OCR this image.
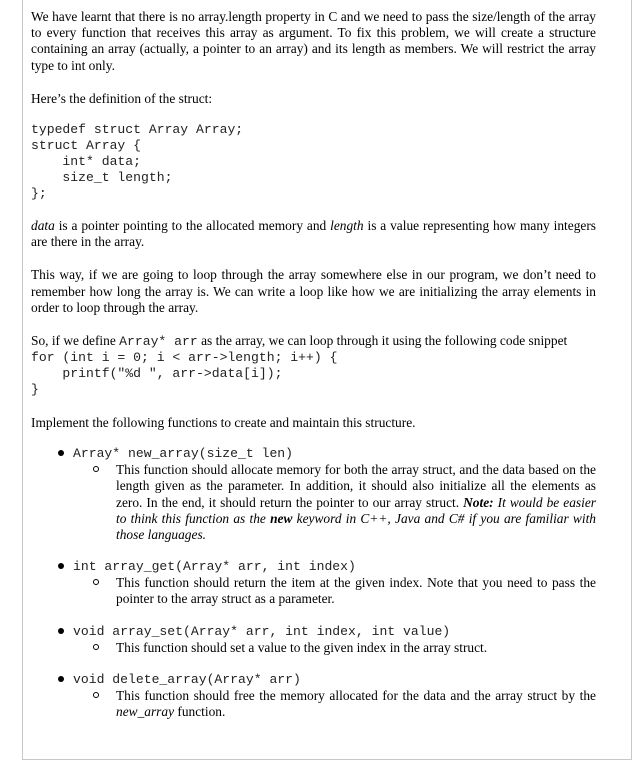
We have learnt that there is no array.length property in C and we need to pass the size/length of the array to every function that receives this array as argument. To fix this problem, we will create a structure containing an array (actually, a pointer to an array) and its length as members. We will restrict the array type to int only.

Here’s the definition of the struct:

typedef struct Array Array;
struct Array {
int* data;
size_t length;
};

data is a pointer pointing to the allocated memory and length is a value representing how many integers are there in the array.

This way, if we are going to loop through the array somewhere else in our program, we don’t need to remember how long the array is. We can write a loop like how we are initializing the array elements in order to loop through the array.

So, if we define Array* arr as the array, we can loop through it using the following code snippet

for (int i = 0; i < arr->length; i++) {
printf("%d ", arr->data[i]);
}

Implement the following functions to create and maintain this structure.

Array* new_array(size_t len)
This function should allocate memory for both the array struct, and the data based on the length given as the parameter. In addition, it should also initialize all the elements as zero. In the end, it should return the pointer to our array struct. Note: It would be easier to think this function as the new keyword in C++, Java and C# if you are familiar with those languages.
int array_get(Array* arr, int index)
This function should return the item at the given index. Note that you need to pass the pointer to the array struct as a parameter.
void array_set(Array* arr, int index, int value)
This function should set a value to the given index in the array struct.
void delete_array(Array* arr)
This function should free the memory allocated for the data and the array struct by the new_array function.
